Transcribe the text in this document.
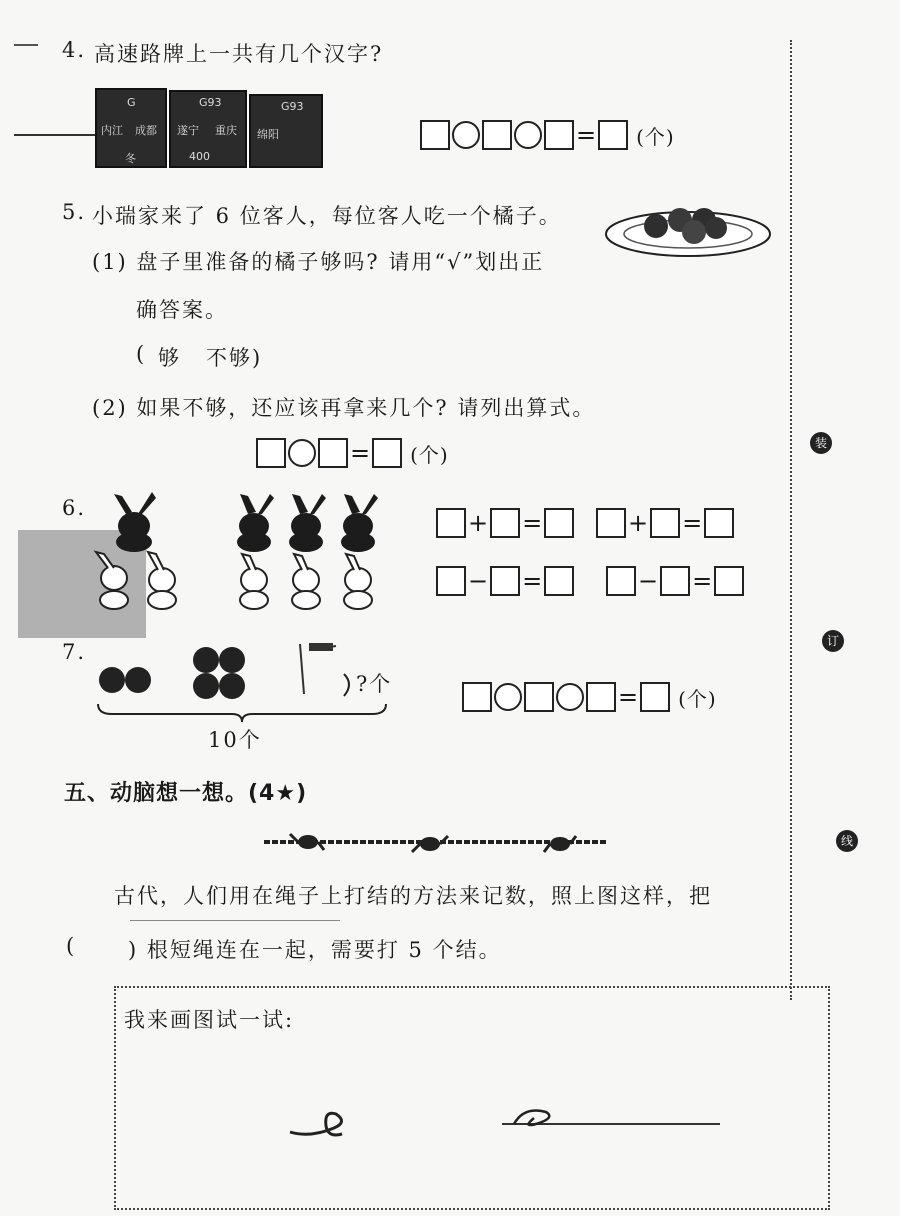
4. 高速路牌上一共有几个汉字?
G
内江 成都
冬
G93
遂宁 重庆
400
G93
绵阳	= (个)
5. 小瑞家来了 6 位客人，每位客人吃一个橘子。
(1) 盘子里准备的橘子够吗? 请用“√”划出正
确答案。
( 够 不够)
(2) 如果不够，还应该再拿来几个? 请列出算式。
= (个)
6.
+ =	+ =
− =	− =
7.
?个
10个
= (个)
五、动脑想一想。(4★)
古代，人们用在绳子上打结的方法来记数，照上图这样，把
( ) 根短绳连在一起，需要打 5 个结。
我来画图试一试:
装
订
线
